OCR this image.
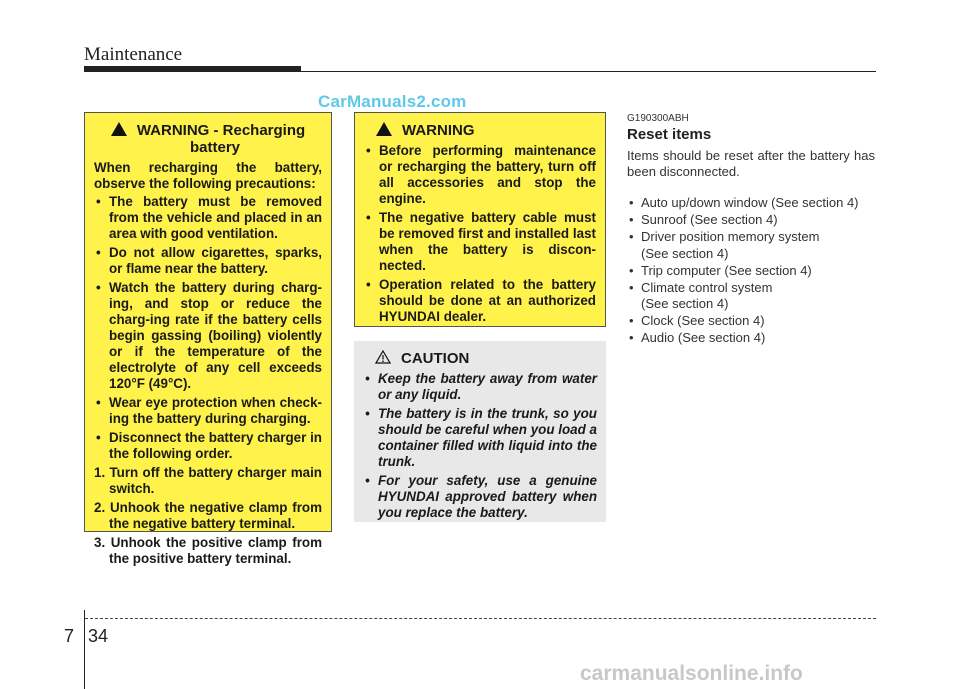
Maintenance
CarManuals2.com
WARNING - Recharging
battery

When recharging the battery, observe the following precautions:

• The battery must be removed from the vehicle and placed in an area with good ventilation.
• Do not allow cigarettes, sparks, or flame near the battery.
• Watch the battery during charg-ing, and stop or reduce the charg-ing rate if the battery cells begin gassing (boiling) violently or if the temperature of the electrolyte of any cell exceeds 120°F (49°C).
• Wear eye protection when check-ing the battery during charging.
• Disconnect the battery charger in the following order.
1. Turn off the battery charger main switch.
2. Unhook the negative clamp from the negative battery terminal.
3. Unhook the positive clamp from the positive battery terminal.
WARNING
• Before performing maintenance or recharging the battery, turn off all accessories and stop the engine.
• The negative battery cable must be removed first and installed last when the battery is discon-nected.
• Operation related to the battery should be done at an authorized HYUNDAI dealer.
CAUTION
• Keep the battery away from water or any liquid.
• The battery is in the trunk, so you should be careful when you load a container filled with liquid into the trunk.
• For your safety, use a genuine HYUNDAI approved battery when you replace the battery.
G190300ABH
Reset items
Items should be reset after the battery has been disconnected.
• Auto up/down window (See section 4)
• Sunroof (See section 4)
• Driver position memory system
(See section 4)
• Trip computer (See section 4)
• Climate control system
(See section 4)
• Clock (See section 4)
• Audio (See section 4)
7 34
carmanualsonline.info
